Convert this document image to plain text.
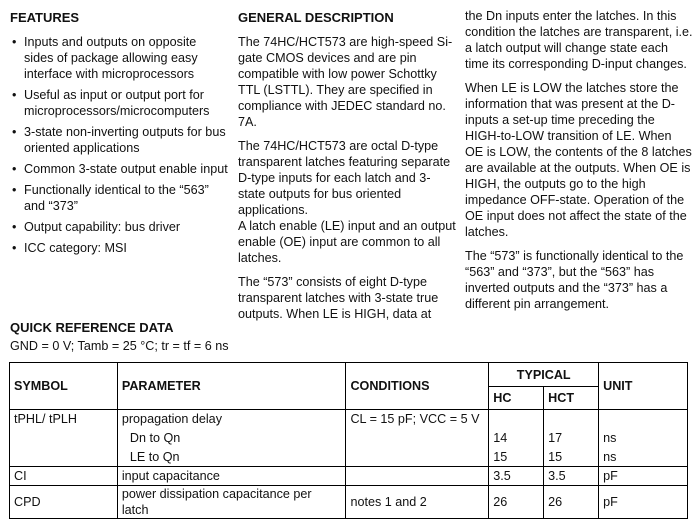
FEATURES
• Inputs and outputs on opposite sides of package allowing easy interface with microprocessors
• Useful as input or output port for microprocessors/microcomputers
• 3-state non-inverting outputs for bus oriented applications
• Common 3-state output enable input
• Functionally identical to the “563” and “373”
• Output capability: bus driver
• ICC category: MSI
GENERAL DESCRIPTION

The 74HC/HCT573 are high-speed Si-gate CMOS devices and are pin compatible with low power Schottky TTL (LSTTL). They are specified in compliance with JEDEC standard no. 7A.

The 74HC/HCT573 are octal D-type transparent latches featuring separate D-type inputs for each latch and 3-state outputs for bus oriented applications.

A latch enable (LE) input and an output enable (OE) input are common to all latches.

The “573” consists of eight D-type transparent latches with 3-state true outputs. When LE is HIGH, data at

the Dn inputs enter the latches. In this condition the latches are transparent, i.e. a latch output will change state each time its corresponding D-input changes.

When LE is LOW the latches store the information that was present at the D-inputs a set-up time preceding the HIGH-to-LOW transition of LE. When OE is LOW, the contents of the 8 latches are available at the outputs. When OE is HIGH, the outputs go to the high impedance OFF-state. Operation of the OE input does not affect the state of the latches.

The “573” is functionally identical to the “563” and “373”, but the “563” has inverted outputs and the “373” has a different pin arrangement.

QUICK REFERENCE DATA
GND = 0 V; Tamb = 25 °C; tr = tf = 6 ns
SYMBOL	PARAMETER	CONDITIONS	TYPICAL		UNIT
			HC	HCT	
tPHL/ tPLH	propagation delay	CL = 15 pF; VCC = 5 V			
	Dn to Qn		14	17	ns
	LE to Qn		15	15	ns
CI	input capacitance		3.5	3.5	pF
CPD	power dissipation capacitance per latch	notes 1 and 2	26	26	pF
